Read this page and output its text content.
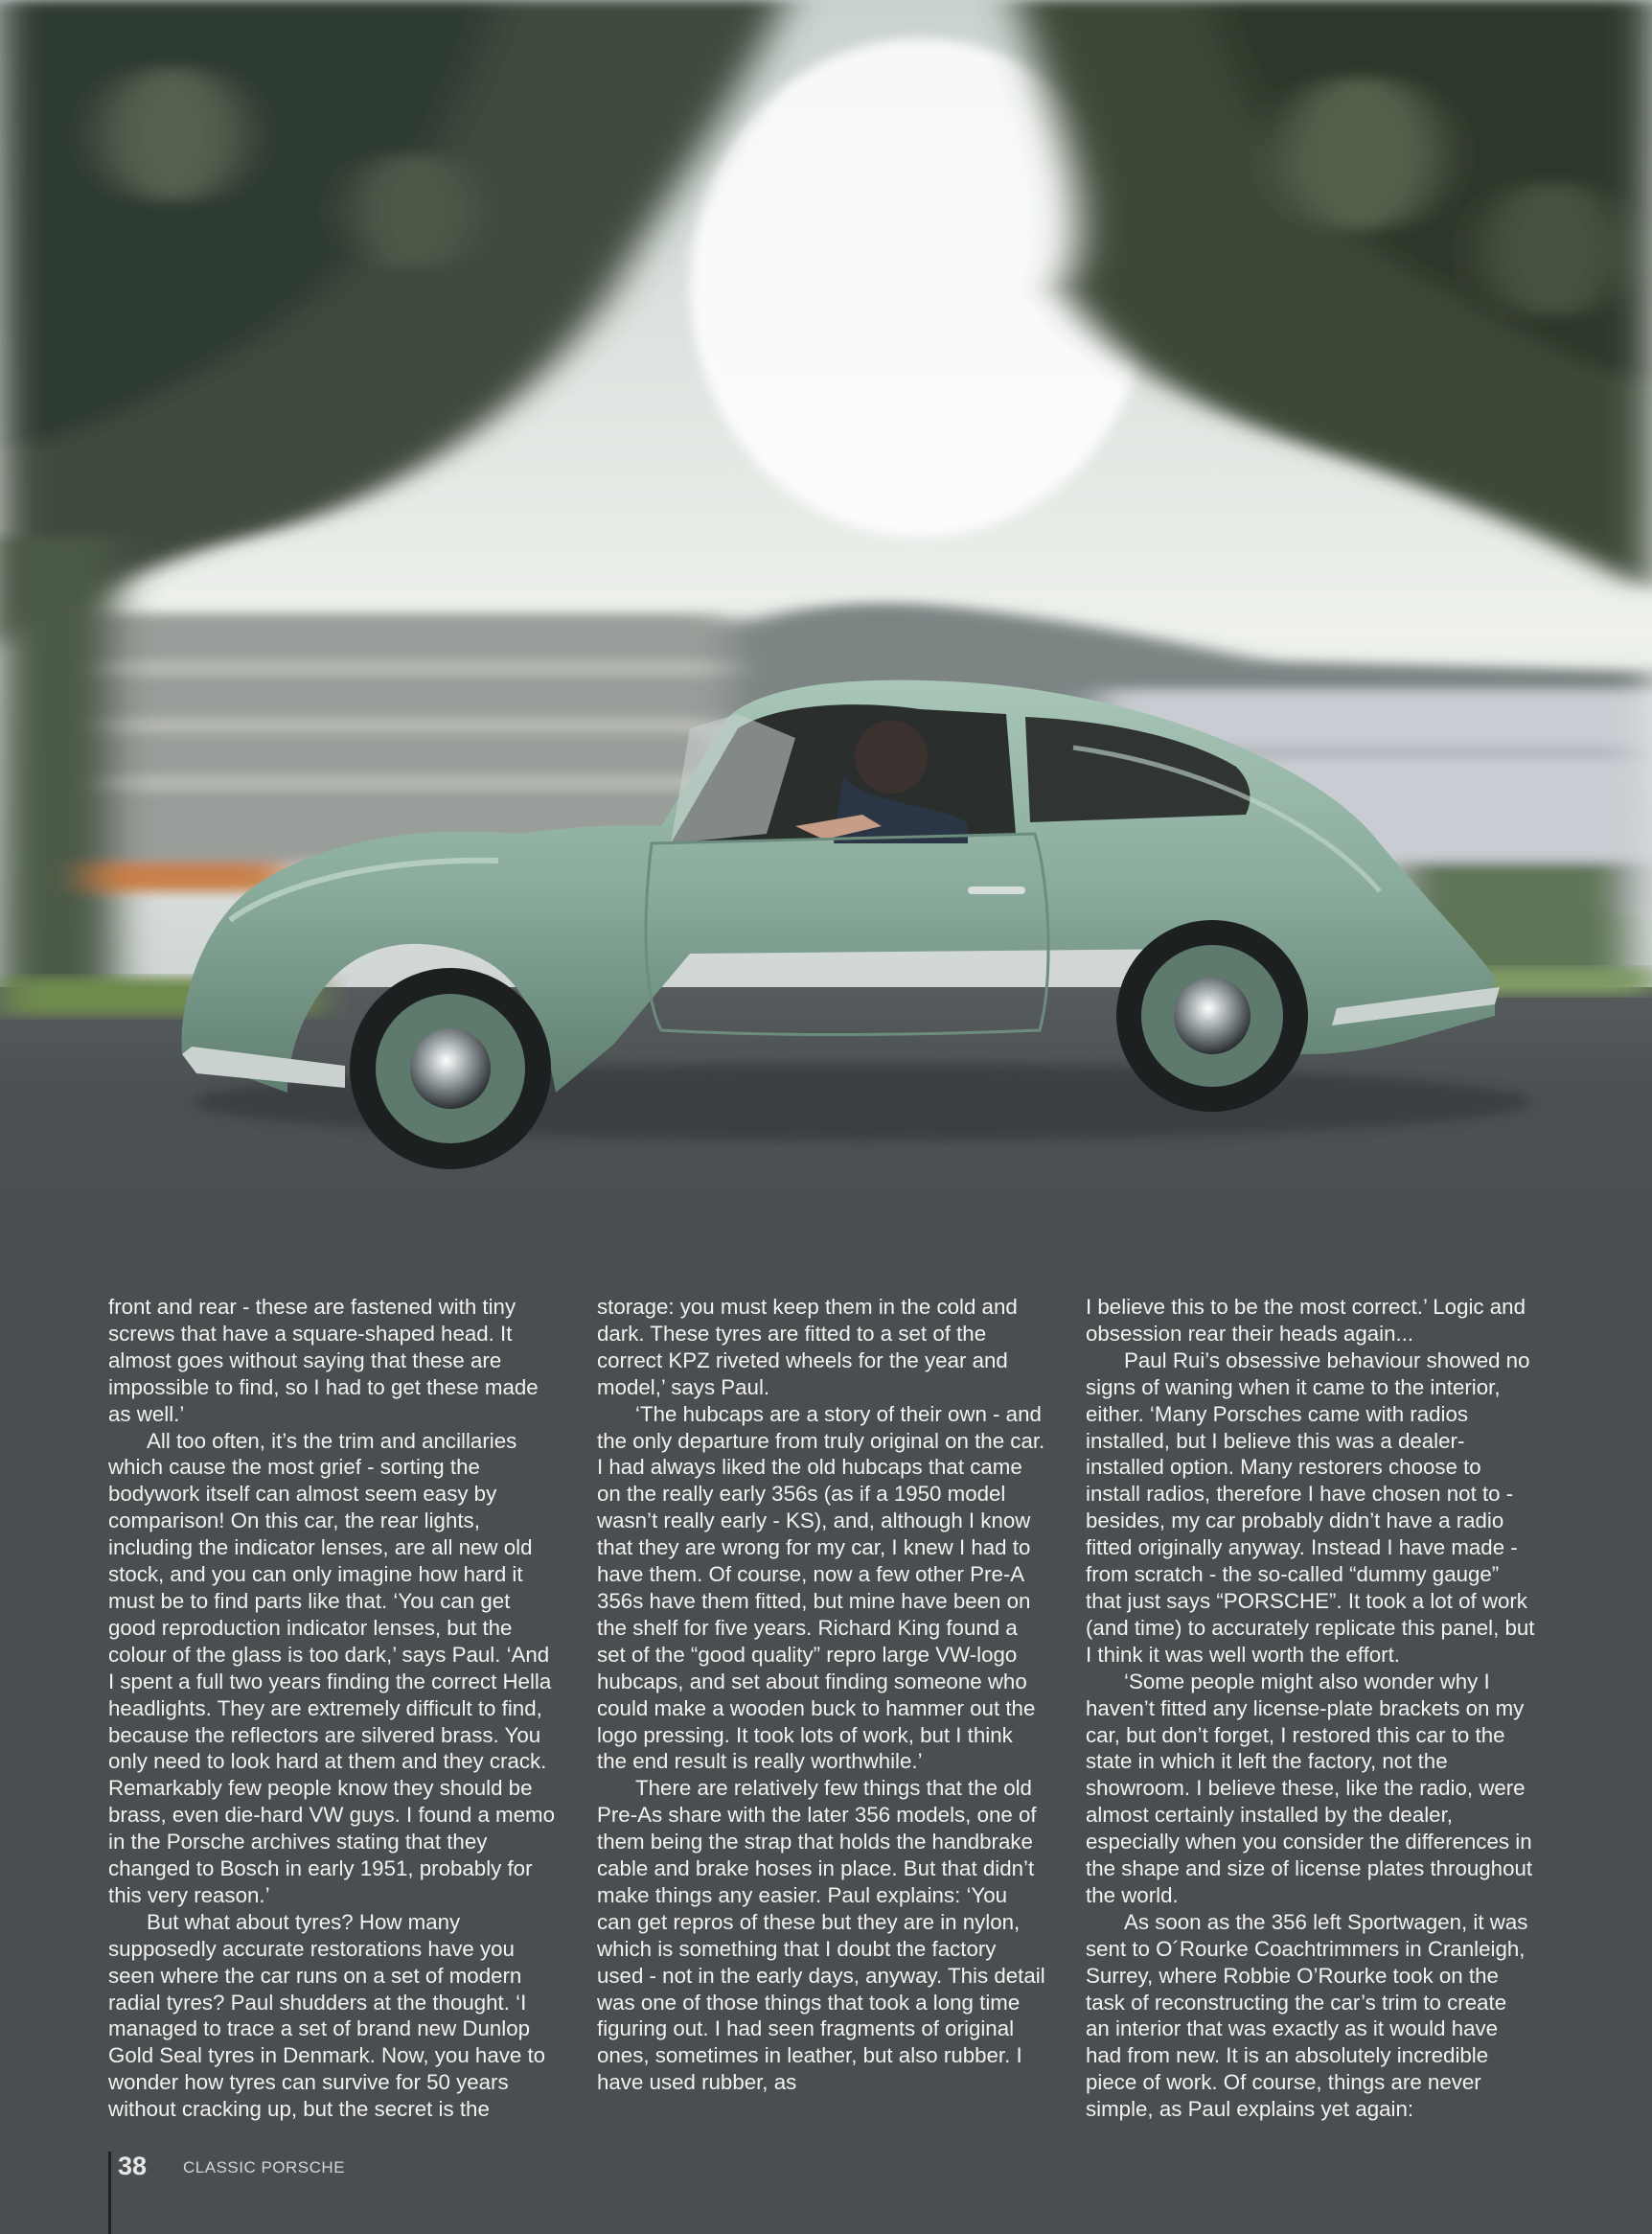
front and rear - these are fastened with tiny screws that have a square-shaped head. It almost goes without saying that these are impossible to find, so I had to get these made as well.’

All too often, it’s the trim and ancillaries which cause the most grief - sorting the bodywork itself can almost seem easy by comparison! On this car, the rear lights, including the indicator lenses, are all new old stock, and you can only imagine how hard it must be to find parts like that. ‘You can get good reproduction indicator lenses, but the colour of the glass is too dark,’ says Paul. ‘And I spent a full two years finding the correct Hella headlights. They are extremely difficult to find, because the reflectors are silvered brass. You only need to look hard at them and they crack. Remarkably few people know they should be brass, even die-hard VW guys. I found a memo in the Porsche archives stating that they changed to Bosch in early 1951, probably for this very reason.’

But what about tyres? How many supposedly accurate restorations have you seen where the car runs on a set of modern radial tyres? Paul shudders at the thought. ‘I managed to trace a set of brand new Dunlop Gold Seal tyres in Denmark. Now, you have to wonder how tyres can survive for 50 years without cracking up, but the secret is the

storage: you must keep them in the cold and dark. These tyres are fitted to a set of the correct KPZ riveted wheels for the year and model,’ says Paul.

‘The hubcaps are a story of their own - and the only departure from truly original on the car. I had always liked the old hubcaps that came on the really early 356s (as if a 1950 model wasn’t really early - KS), and, although I know that they are wrong for my car, I knew I had to have them. Of course, now a few other Pre-A 356s have them fitted, but mine have been on the shelf for five years. Richard King found a set of the “good quality” repro large VW-logo hubcaps, and set about finding someone who could make a wooden buck to hammer out the logo pressing. It took lots of work, but I think the end result is really worthwhile.’

There are relatively few things that the old Pre-As share with the later 356 models, one of them being the strap that holds the handbrake cable and brake hoses in place. But that didn’t make things any easier. Paul explains: ‘You can get repros of these but they are in nylon, which is something that I doubt the factory used - not in the early days, anyway. This detail was one of those things that took a long time figuring out. I had seen fragments of original ones, sometimes in leather, but also rubber. I have used rubber, as

I believe this to be the most correct.’ Logic and obsession rear their heads again...

Paul Rui’s obsessive behaviour showed no signs of waning when it came to the interior, either. ‘Many Porsches came with radios installed, but I believe this was a dealer-installed option. Many restorers choose to install radios, therefore I have chosen not to - besides, my car probably didn’t have a radio fitted originally anyway. Instead I have made - from scratch - the so-called “dummy gauge” that just says “PORSCHE”. It took a lot of work (and time) to accurately replicate this panel, but I think it was well worth the effort.

‘Some people might also wonder why I haven’t fitted any license-plate brackets on my car, but don’t forget, I restored this car to the state in which it left the factory, not the showroom. I believe these, like the radio, were almost certainly installed by the dealer, especially when you consider the differences in the shape and size of license plates throughout the world.

As soon as the 356 left Sportwagen, it was sent to O´Rourke Coachtrimmers in Cranleigh, Surrey, where Robbie O’Rourke took on the task of reconstructing the car’s trim to create an interior that was exactly as it would have had from new. It is an absolutely incredible piece of work. Of course, things are never simple, as Paul explains yet again:

38 CLASSIC PORSCHE
